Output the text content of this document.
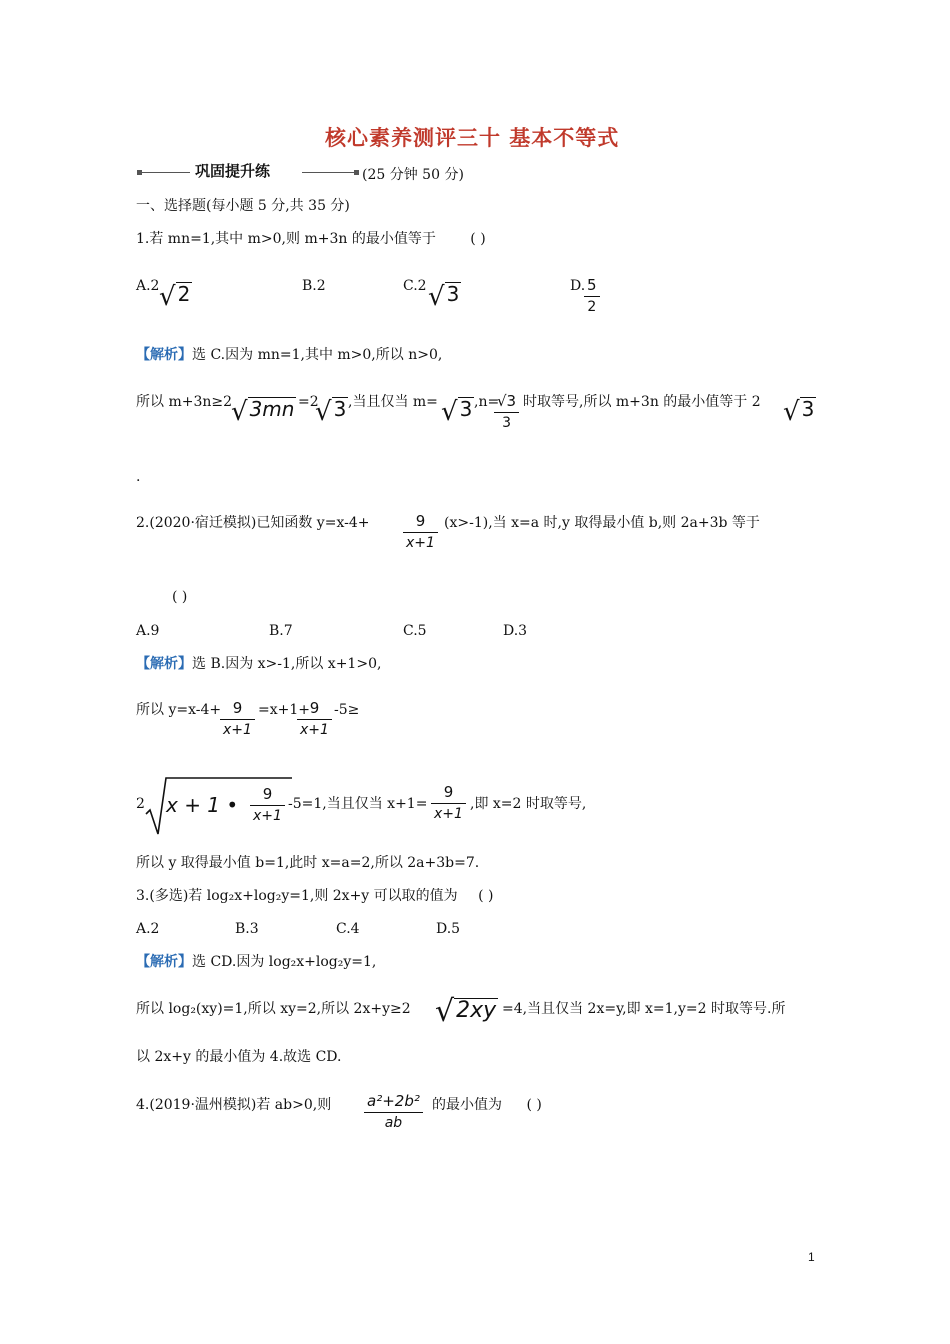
核心素养测评三十 基本不等式
巩固提升练	(25 分钟 50 分)
一、选择题(每小题 5 分,共 35 分)
1.若 mn=1,其中 m>0,则 m+3n 的最小值等于 ( )
A.2 √ 2	B.2	C.2 √ 3	D. 5
2
【解析】选 C.因为 mn=1,其中 m>0,所以 n>0,
所以 m+3n≥2
√ 3mn =2
√ 3 ,当且仅当 m= √ 3 ,n=
√3
3
时取等号,所以 m+3n 的最小值等于 2 √ 3
.
2.(2020·宿迁模拟)已知函数 y=x-4+	9
x+1
(x>-1),当 x=a 时,y 取得最小值 b,则 2a+3b 等于
( )
A.9	B.7	C.5	D.3
【解析】选 B.因为 x>-1,所以 x+1>0,
所以 y=x-4+ 9
x+1
=x+1+ 9
x+1
-5≥
2 x + 1 •	9
x+1
-5=1,当且仅当 x+1=
9
x+1
,即 x=2 时取等号,
所以 y 取得最小值 b=1,此时 x=a=2,所以 2a+3b=7.
3.(多选)若 log₂x+log₂y=1,则 2x+y 可以取的值为 ( )
A.2	B.3	C.4	D.5
【解析】选 CD.因为 log₂x+log₂y=1,
所以 log₂(xy)=1,所以 xy=2,所以 2x+y≥2 √2xy =4,当且仅当 2x=y,即 x=1,y=2 时取等号.所
以 2x+y 的最小值为 4.故选 CD.
4.(2019·温州模拟)若 ab>0,则 a²+2b²
ab
的最小值为 ( )
1
